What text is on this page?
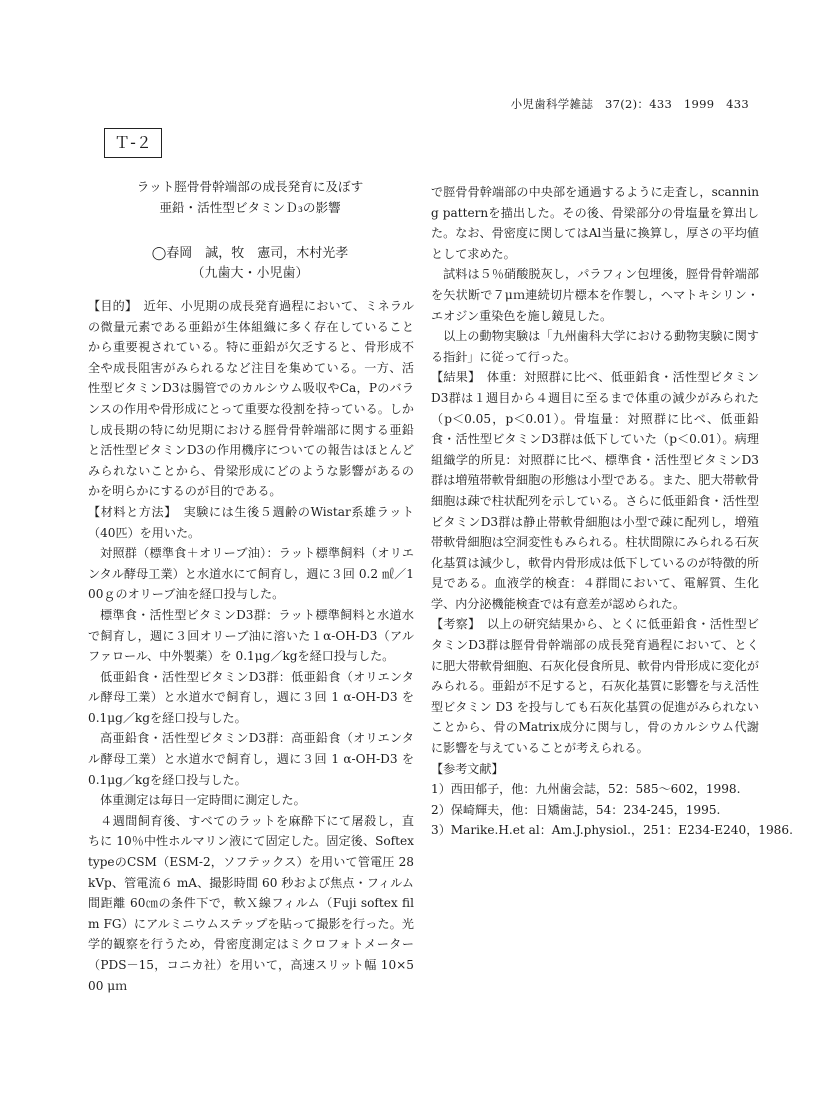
小児歯科学雑誌　37(2)：433　1999　433
Ｔ-２

ラット脛骨骨幹端部の成長発育に及ぼす

亜鉛・活性型ビタミンＤ₃の影響

◯春岡　誠，牧　憲司，木村光孝

（九歯大・小児歯）

【目的】　近年、小児期の成長発育過程において、ミネラルの微量元素である亜鉛が生体組織に多く存在していることから重要視されている。特に亜鉛が欠乏すると、骨形成不全や成長阻害がみられるなど注目を集めている。一方、活性型ビタミンD3は腸管でのカルシウム吸収やCa，Pのバランスの作用や骨形成にとって重要な役割を持っている。しかし成長期の特に幼児期における脛骨骨幹端部に関する亜鉛と活性型ビタミンD3の作用機序についての報告はほとんどみられないことから、骨梁形成にどのような影響があるのかを明らかにするのが目的である。

【材料と方法】　実験には生後５週齢のWistar系雄ラット（40匹）を用いた。

対照群（標準食＋オリーブ油）：ラット標準飼料（オリエンタル酵母工業）と水道水にて飼育し，週に３回 0.2 ㎖／100ｇのオリーブ油を経口投与した。

標準食・活性型ビタミンD3群：ラット標準飼料と水道水で飼育し，週に３回オリーブ油に溶いた１α-OH-D3（アルファロール、中外製薬）を 0.1μg／kgを経口投与した。

低亜鉛食・活性型ビタミンD3群：低亜鉛食（オリエンタル酵母工業）と水道水で飼育し，週に３回 1 α-OH-D3 を0.1μg／kgを経口投与した。

高亜鉛食・活性型ビタミンD3群：高亜鉛食（オリエンタル酵母工業）と水道水で飼育し，週に３回 1 α-OH-D3 を0.1μg／kgを経口投与した。

体重測定は毎日一定時間に測定した。

４週間飼育後、すべてのラットを麻酔下にて屠殺し，直ちに 10％中性ホルマリン液にて固定した。固定後、Softex typeのCSM（ESM-2，ソフテックス）を用いて管電圧 28kVp、管電流６ mA、撮影時間 60 秒および焦点・フィルム間距離 60㎝の条件下で，軟Ｘ線フィルム（Fuji softex film FG）にアルミニウムステップを貼って撮影を行った。光学的観察を行うため，骨密度測定はミクロフォトメーター（PDS－15，コニカ社）を用いて，高速スリット幅 10×500 μｍ

で脛骨骨幹端部の中央部を通過するように走査し，scanning patternを描出した。その後、骨梁部分の骨塩量を算出した。なお、骨密度に関してはAl当量に換算し，厚さの平均値として求めた。

試料は５％硝酸脱灰し，パラフィン包埋後，脛骨骨幹端部を矢状断で７μｍ連続切片標本を作製し，ヘマトキシリン・エオジン重染色を施し鏡見した。

以上の動物実験は「九州歯科大学における動物実験に関する指針」に従って行った。

【結果】　体重：対照群に比べ、低亜鉛食・活性型ビタミンD3群は１週目から４週目に至るまで体重の減少がみられた（p＜0.05，p＜0.01）。骨塩量：対照群に比べ、低亜鉛食・活性型ビタミンD3群は低下していた（p＜0.01）。病理組織学的所見：対照群に比べ、標準食・活性型ビタミンD3群は増殖帯軟骨細胞の形態は小型である。また、肥大帯軟骨細胞は疎で柱状配列を示している。さらに低亜鉛食・活性型ビタミンD3群は静止帯軟骨細胞は小型で疎に配列し，増殖帯軟骨細胞は空洞変性もみられる。柱状間隙にみられる石灰化基質は減少し，軟骨内骨形成は低下しているのが特徴的所見である。血液学的検査：４群間において、電解質、生化学、内分泌機能検査では有意差が認められた。

【考察】　以上の研究結果から、とくに低亜鉛食・活性型ビタミンD3群は脛骨骨幹端部の成長発育過程において、とくに肥大帯軟骨細胞、石灰化侵食所見、軟骨内骨形成に変化がみられる。亜鉛が不足すると，石灰化基質に影響を与え活性型ビタミン D3 を投与しても石灰化基質の促進がみられないことから、骨のMatrix成分に関与し，骨のカルシウム代謝に影響を与えていることが考えられる。

【参考文献】

1）西田郁子，他：九州歯会誌，52：585～602，1998.

2）保崎輝夫，他：日矯歯誌，54：234-245，1995.

3）Marike.H.et al：Am.J.physiol.，251：E234-E240，1986.
